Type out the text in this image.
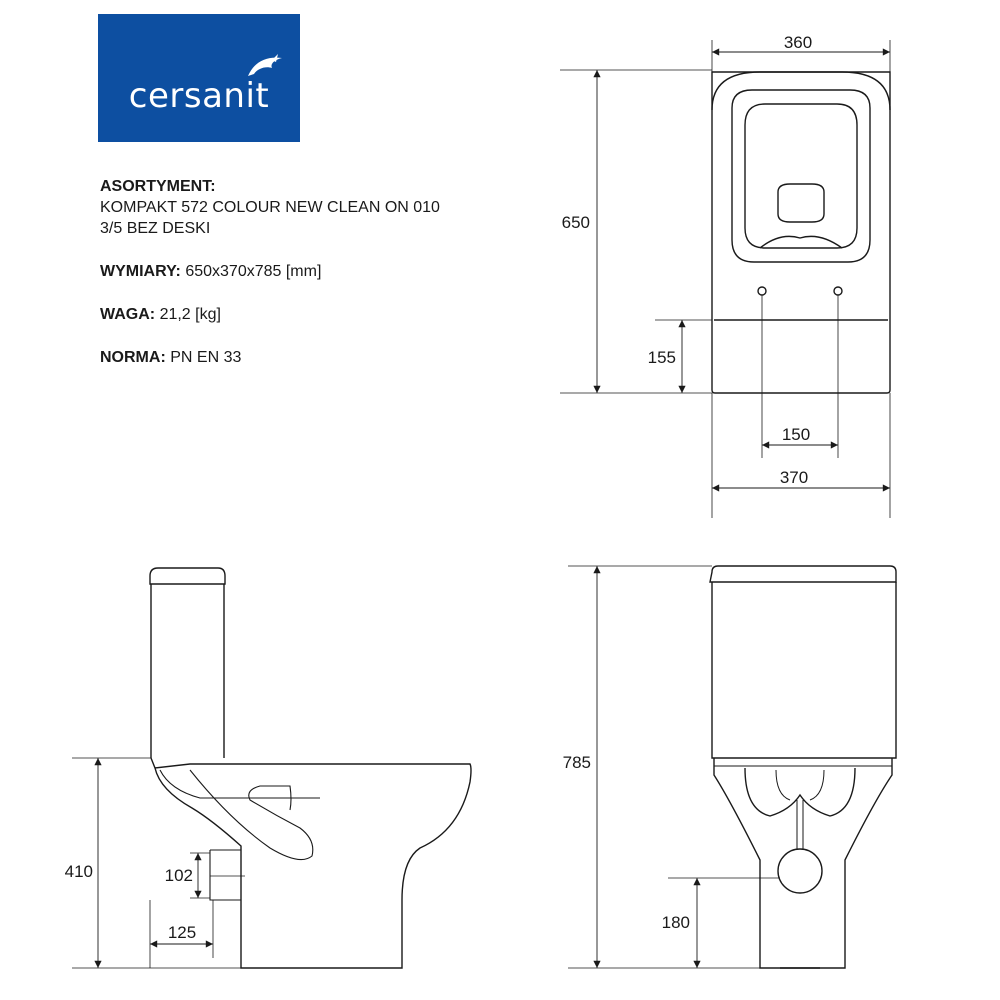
cersanit
ASORTYMENT:
KOMPAKT 572 COLOUR NEW CLEAN ON 010
3/5 BEZ DESKI
WYMIARY: 650x370x785 [mm]
WAGA: 21,2 [kg]
NORMA: PN EN 33
360
650
155
150
370
785
180
410	102
125
